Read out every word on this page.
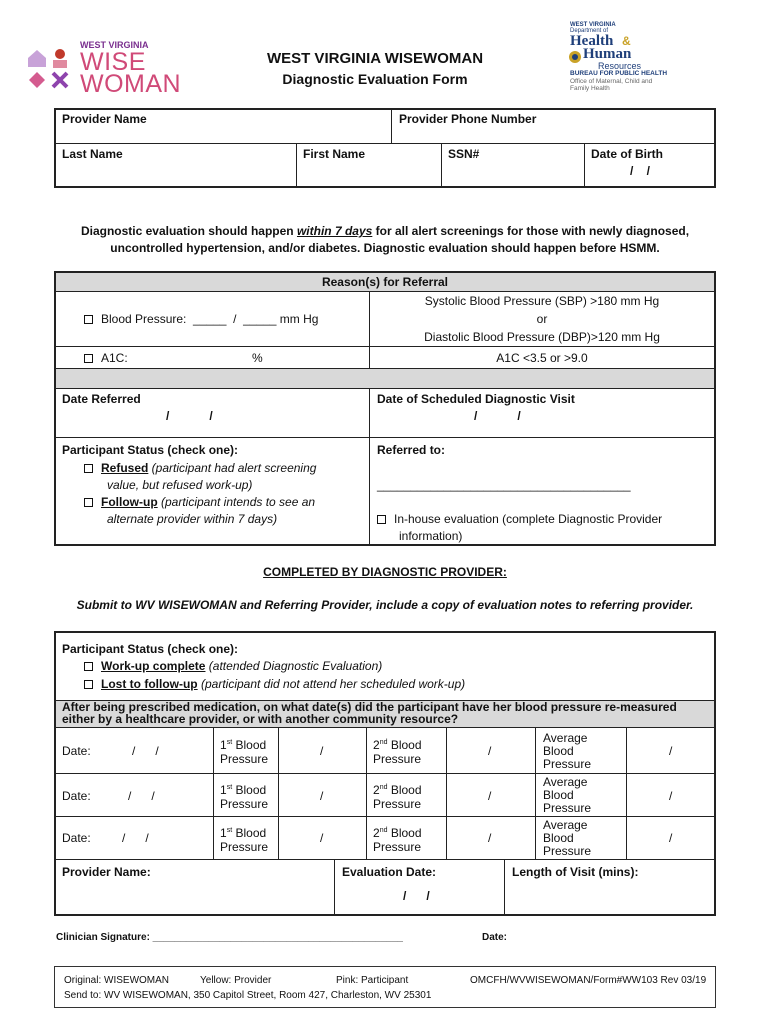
WEST VIRGINIA
WISE
WOMAN
WEST VIRGINIA WISEWOMAN
Diagnostic Evaluation Form
WEST VIRGINIA
Department of
Health &
Human
Resources
BUREAU FOR PUBLIC HEALTH
Office of Maternal, Child and
Family Health
Provider Name	Provider Phone Number
Last Name	First Name	SSN#	Date of Birth
/    /
Diagnostic evaluation should happen within 7 days for all alert screenings for those with newly diagnosed,
uncontrolled hypertension, and/or diabetes. Diagnostic evaluation should happen before HSMM.
Reason(s) for Referral
Blood Pressure:  _____  /  _____ mm Hg
Systolic Blood Pressure (SBP) >180 mm Hg
or
Diastolic Blood Pressure (DBP)>120 mm Hg
A1C:	%	A1C <3.5 or >9.0
Date Referred
/            /
Date of Scheduled Diagnostic Visit
/            /
Participant Status (check one):
Refused (participant had alert screening
value, but refused work-up)
Follow-up (participant intends to see an
alternate provider within 7 days)
Referred to:
______________________________________
In-house evaluation (complete Diagnostic Provider
information)
COMPLETED BY DIAGNOSTIC PROVIDER:
Submit to WV WISEWOMAN and Referring Provider, include a copy of evaluation notes to referring provider.
Participant Status (check one):
Work-up complete (attended Diagnostic Evaluation)
Lost to follow-up (participant did not attend her scheduled work-up)
After being prescribed medication, on what date(s) did the participant have her blood pressure re-measured
either by a healthcare provider, or with another community resource?
Date:	/      /	1st Blood
Pressure
/	2nd Blood
Pressure
/
Average
Blood
Pressure
/
Date:	/      /	1st Blood
Pressure
/	2nd Blood
Pressure
/
Average
Blood
Pressure
/
Date:	/      /	1st Blood
Pressure
/	2nd Blood
Pressure
/
Average
Blood
Pressure
/
Provider Name:	Evaluation Date:
/      /
Length of Visit (mins):
Clinician Signature: _____________________________________________	Date:
Original: WISEWOMAN	Yellow: Provider	Pink: Participant	OMCFH/WVWISEWOMAN/Form#WW103 Rev 03/19
Send to: WV WISEWOMAN, 350 Capitol Street, Room 427, Charleston, WV 25301
